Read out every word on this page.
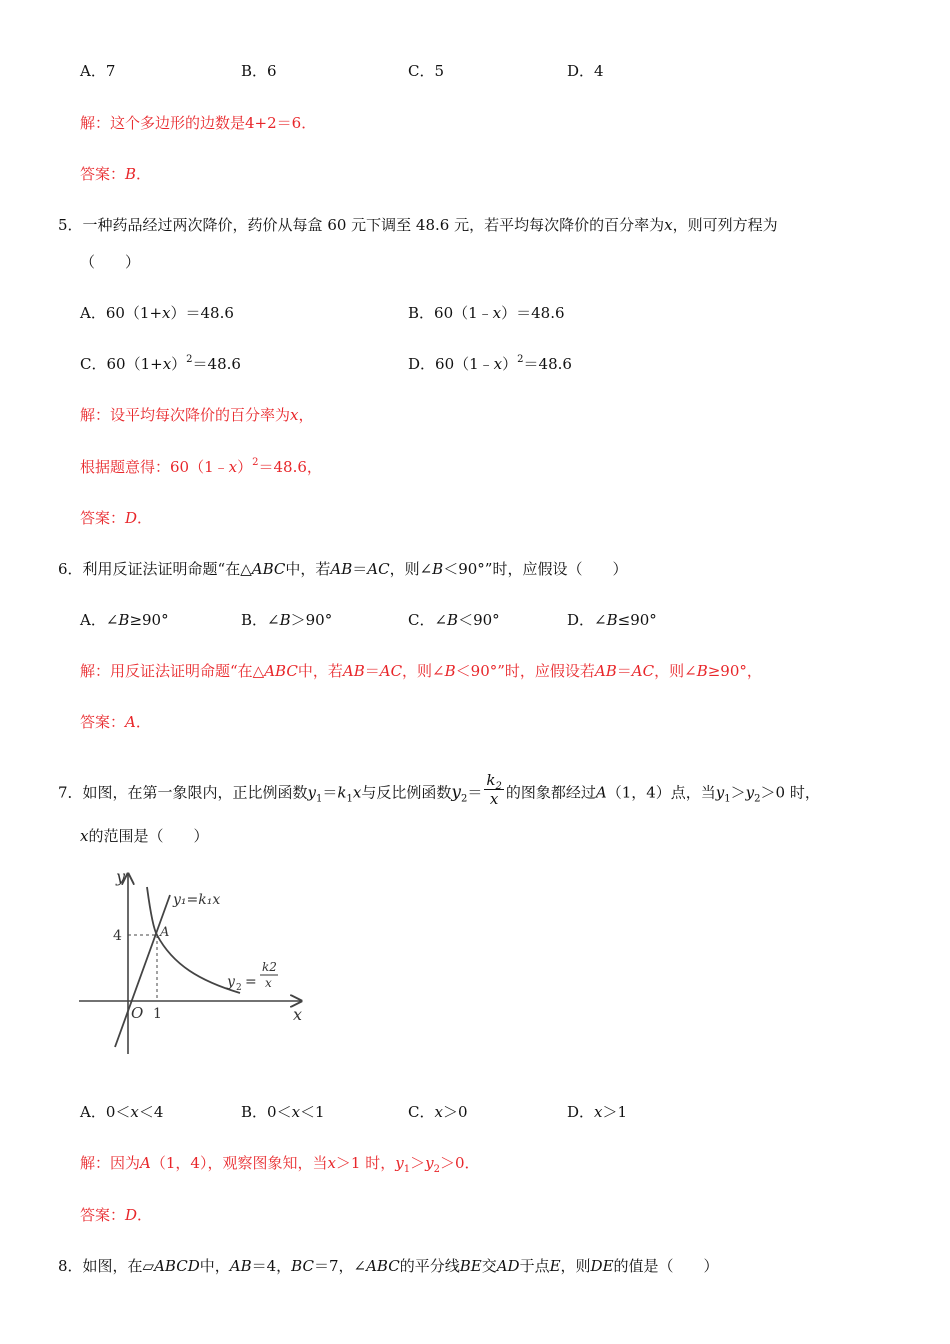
A．7	B．6	C．5	D．4
解：这个多边形的边数是4+2＝6．
答案：B．
5．一种药品经过两次降价，药价从每盒 60 元下调至 48.6 元，若平均每次降价的百分率为x，则可列方程为
（　　）
A．60（1+x）＝48.6	B．60（1﹣x）＝48.6
C．$60(1+x)^2=48.6$	D．60（1﹣x）$^2$＝48.6
解：设平均每次降价的百分率为x，
根据题意得：60（1﹣x）$^2$＝48.6，
答案：D．
6．利用反证法证明命题“在△ABC中，若AB＝AC，则∠B＜90°”时，应假设（　　）
A．∠B≥90°	B．∠B＞90°	C．∠B＜90°	D．∠B≤90°
解：用反证法证明命题“在△ABC中，若AB＝AC，则∠B＜90°”时，应假设若AB＝AC，则∠B≥90°，
答案：A．
7．如图，在第一象限内，正比例函数$y_1=k_1x$与反比例函数$y_2= \frac{k_2}{x}$ 的图象都经过A（1，4）点，当$y_1>y_2>0$ 时，
x的范围是（　　）
y
x
O
4
1
A
y₁=k₁x
y 2 =
k2
x
A．0＜x＜4	B．0＜x＜1	C．x＞0	D．x＞1
解：因为A（1，4），观察图象知，当x＞1 时，$y_1>y_2>0$．
答案：D．
8．如图，在▱ABCD中，AB＝4，BC＝7，∠ABC的平分线BE交AD于点E，则DE的值是（　　）
